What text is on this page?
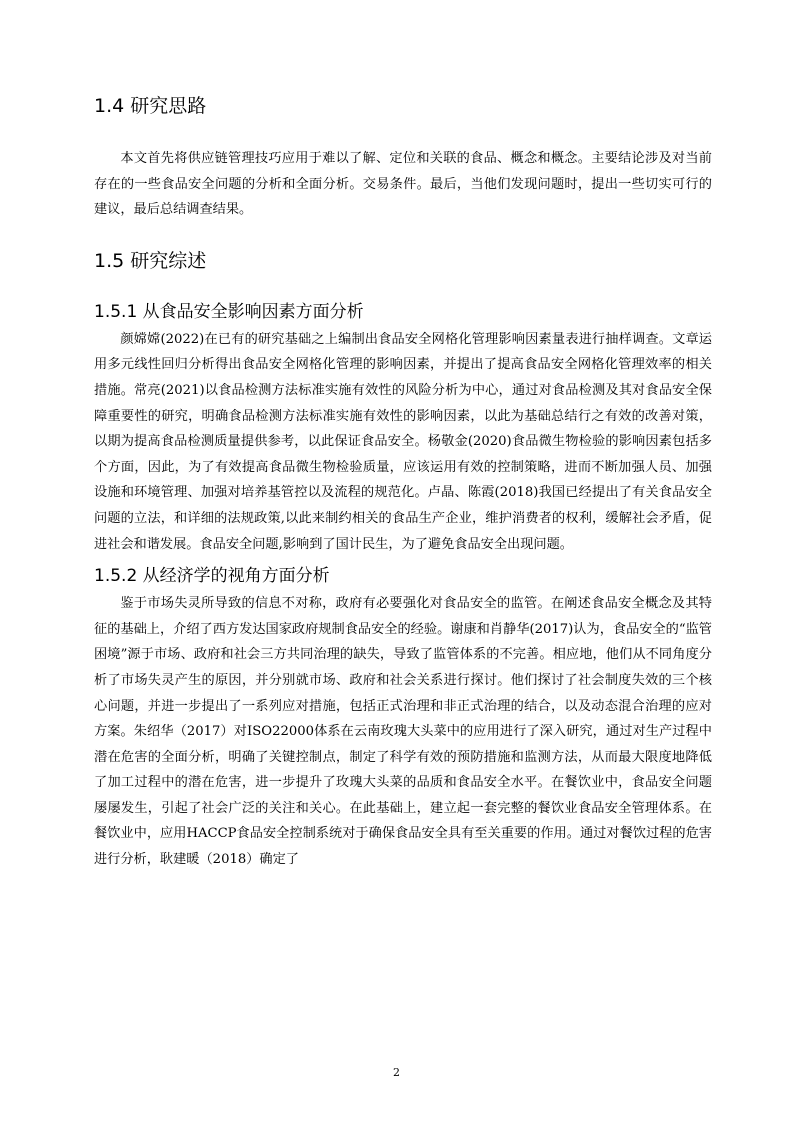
1.4 研究思路

本文首先将供应链管理技巧应用于难以了解、定位和关联的食品、概念和概念。主要结论涉及对当前存在的一些食品安全问题的分析和全面分析。交易条件。最后，当他们发现问题时，提出一些切实可行的建议，最后总结调查结果。

1.5 研究综述
1.5.1 从食品安全影响因素方面分析

颜嫦嫦(2022)在已有的研究基础之上编制出食品安全网格化管理影响因素量表进行抽样调查。文章运用多元线性回归分析得出食品安全网格化管理的影响因素，并提出了提高食品安全网格化管理效率的相关措施。常亮(2021)以食品检测方法标准实施有效性的风险分析为中心，通过对食品检测及其对食品安全保障重要性的研究，明确食品检测方法标准实施有效性的影响因素，以此为基础总结行之有效的改善对策，以期为提高食品检测质量提供参考，以此保证食品安全。杨敬金(2020)食品微生物检验的影响因素包括多个方面，因此，为了有效提高食品微生物检验质量，应该运用有效的控制策略，进而不断加强人员、加强设施和环境管理、加强对培养基管控以及流程的规范化。卢晶、陈霞(2018)我国已经提出了有关食品安全问题的立法，和详细的法规政策,以此来制约相关的食品生产企业，维护消费者的权利，缓解社会矛盾，促进社会和谐发展。食品安全问题,影响到了国计民生，为了避免食品安全出现问题。

1.5.2 从经济学的视角方面分析

鉴于市场失灵所导致的信息不对称，政府有必要强化对食品安全的监管。在阐述食品安全概念及其特征的基础上，介绍了西方发达国家政府规制食品安全的经验。谢康和肖静华(2017)认为，食品安全的“监管困境”源于市场、政府和社会三方共同治理的缺失，导致了监管体系的不完善。相应地，他们从不同角度分析了市场失灵产生的原因，并分别就市场、政府和社会关系进行探讨。他们探讨了社会制度失效的三个核心问题，并进一步提出了一系列应对措施，包括正式治理和非正式治理的结合，以及动态混合治理的应对方案。朱绍华（2017）对ISO22000体系在云南玫瑰大头菜中的应用进行了深入研究，通过对生产过程中潜在危害的全面分析，明确了关键控制点，制定了科学有效的预防措施和监测方法，从而最大限度地降低了加工过程中的潜在危害，进一步提升了玫瑰大头菜的品质和食品安全水平。在餐饮业中，食品安全问题屡屡发生，引起了社会广泛的关注和关心。在此基础上，建立起一套完整的餐饮业食品安全管理体系。在餐饮业中，应用HACCP食品安全控制系统对于确保食品安全具有至关重要的作用。通过对餐饮过程的危害进行分析，耿建暖（2018）确定了

2
